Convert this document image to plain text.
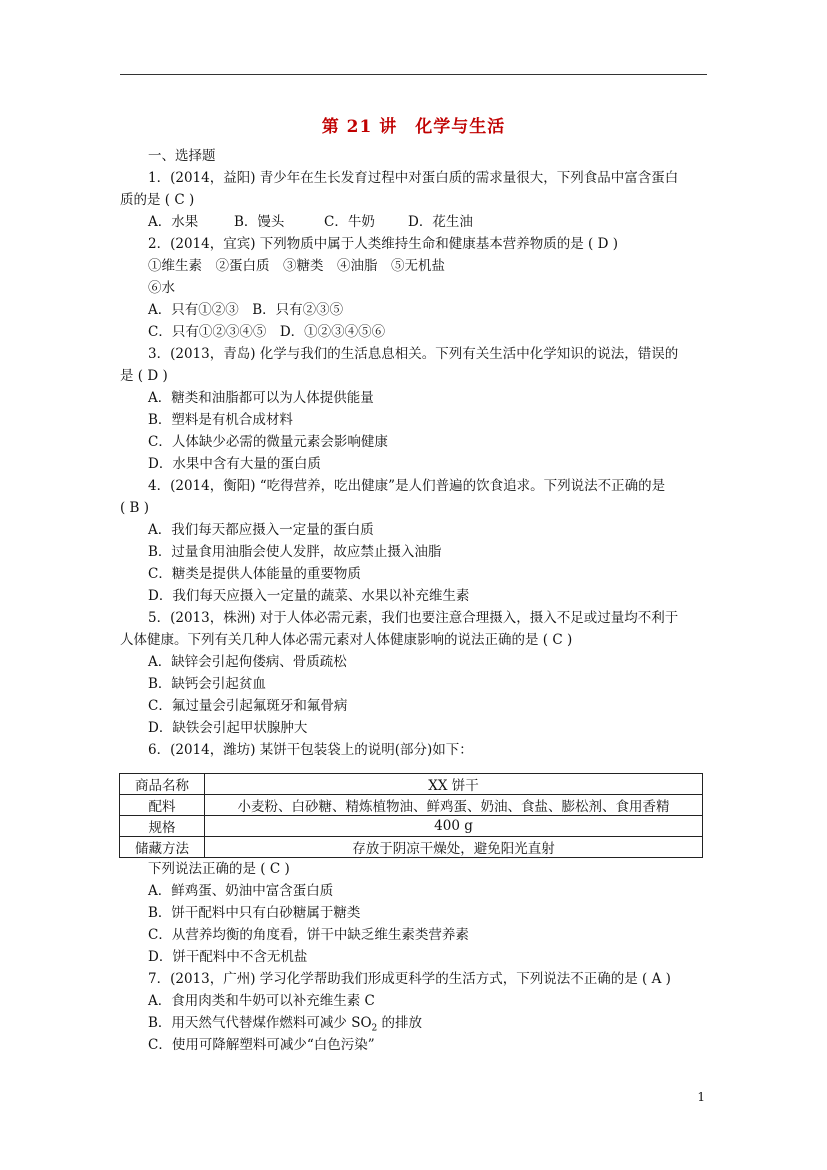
第 21 讲　化学与生活
一、选择题
1．(2014，益阳) 青少年在生长发育过程中对蛋白质的需求量很大，下列食品中富含蛋白
质的是 ( C )
A．水果	B．馒头	C．牛奶 D．花生油
2．(2014，宜宾) 下列物质中属于人类维持生命和健康基本营养物质的是 ( D )
①维生素　②蛋白质　③糖类　④油脂　⑤无机盐
⑥水
A．只有①②③　B．只有②③⑤
C．只有①②③④⑤　D．①②③④⑤⑥
3．(2013，青岛) 化学与我们的生活息息相关。下列有关生活中化学知识的说法，错误的
是 ( D )
A．糖类和油脂都可以为人体提供能量
B．塑料是有机合成材料
C．人体缺少必需的微量元素会影响健康
D．水果中含有大量的蛋白质
4．(2014，衡阳) “吃得营养，吃出健康”是人们普遍的饮食追求。下列说法不正确的是
( B )
A．我们每天都应摄入一定量的蛋白质
B．过量食用油脂会使人发胖，故应禁止摄入油脂
C．糖类是提供人体能量的重要物质
D．我们每天应摄入一定量的蔬菜、水果以补充维生素
5．(2013，株洲) 对于人体必需元素，我们也要注意合理摄入，摄入不足或过量均不利于
人体健康。下列有关几种人体必需元素对人体健康影响的说法正确的是 ( C )
A．缺锌会引起佝偻病、骨质疏松
B．缺钙会引起贫血
C．氟过量会引起氟斑牙和氟骨病
D．缺铁会引起甲状腺肿大
6．(2014，潍坊) 某饼干包装袋上的说明(部分)如下：
商品名称	XX 饼干
配料	小麦粉、白砂糖、精炼植物油、鲜鸡蛋、奶油、食盐、膨松剂、食用香精
规格	400 g
储藏方法	存放于阴凉干燥处，避免阳光直射
下列说法正确的是 ( C )
A．鲜鸡蛋、奶油中富含蛋白质
B．饼干配料中只有白砂糖属于糖类
C．从营养均衡的角度看，饼干中缺乏维生素类营养素
D．饼干配料中不含无机盐
7．(2013，广州) 学习化学帮助我们形成更科学的生活方式，下列说法不正确的是 ( A )
A．食用肉类和牛奶可以补充维生素 C
B．用天然气代替煤作燃料可减少 $SO_2$ 的排放
C．使用可降解塑料可减少“白色污染”
1
